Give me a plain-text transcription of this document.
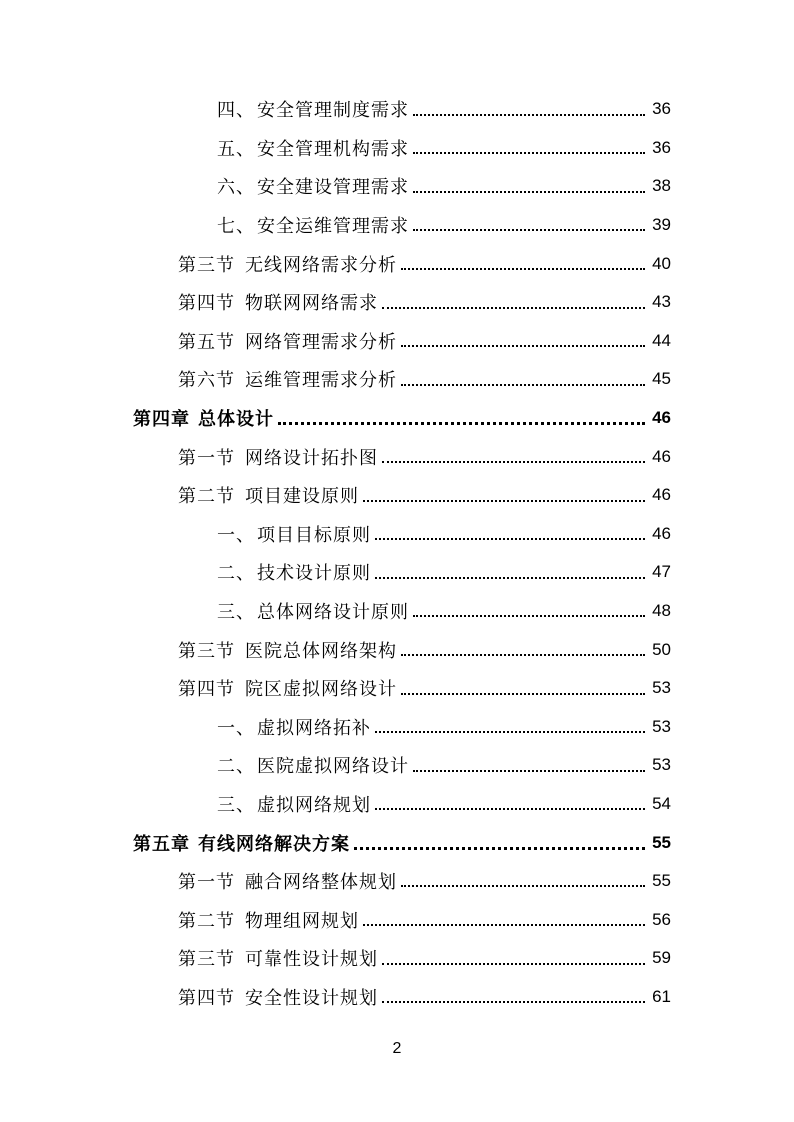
四、 安全管理制度需求	36
五、 安全管理机构需求	36
六、 安全建设管理需求	38
七、 安全运维管理需求	39
第三节 无线网络需求分析	40
第四节 物联网网络需求	43
第五节 网络管理需求分析	44
第六节 运维管理需求分析	45
第四章 总体设计	46
第一节 网络设计拓扑图	46
第二节 项目建设原则	46
一、 项目目标原则	46
二、 技术设计原则	47
三、 总体网络设计原则	48
第三节 医院总体网络架构	50
第四节 院区虚拟网络设计	53
一、 虚拟网络拓补	53
二、 医院虚拟网络设计	53
三、 虚拟网络规划	54
第五章 有线网络解决方案	55
第一节 融合网络整体规划	55
第二节 物理组网规划	56
第三节 可靠性设计规划	59
第四节 安全性设计规划	61
2
